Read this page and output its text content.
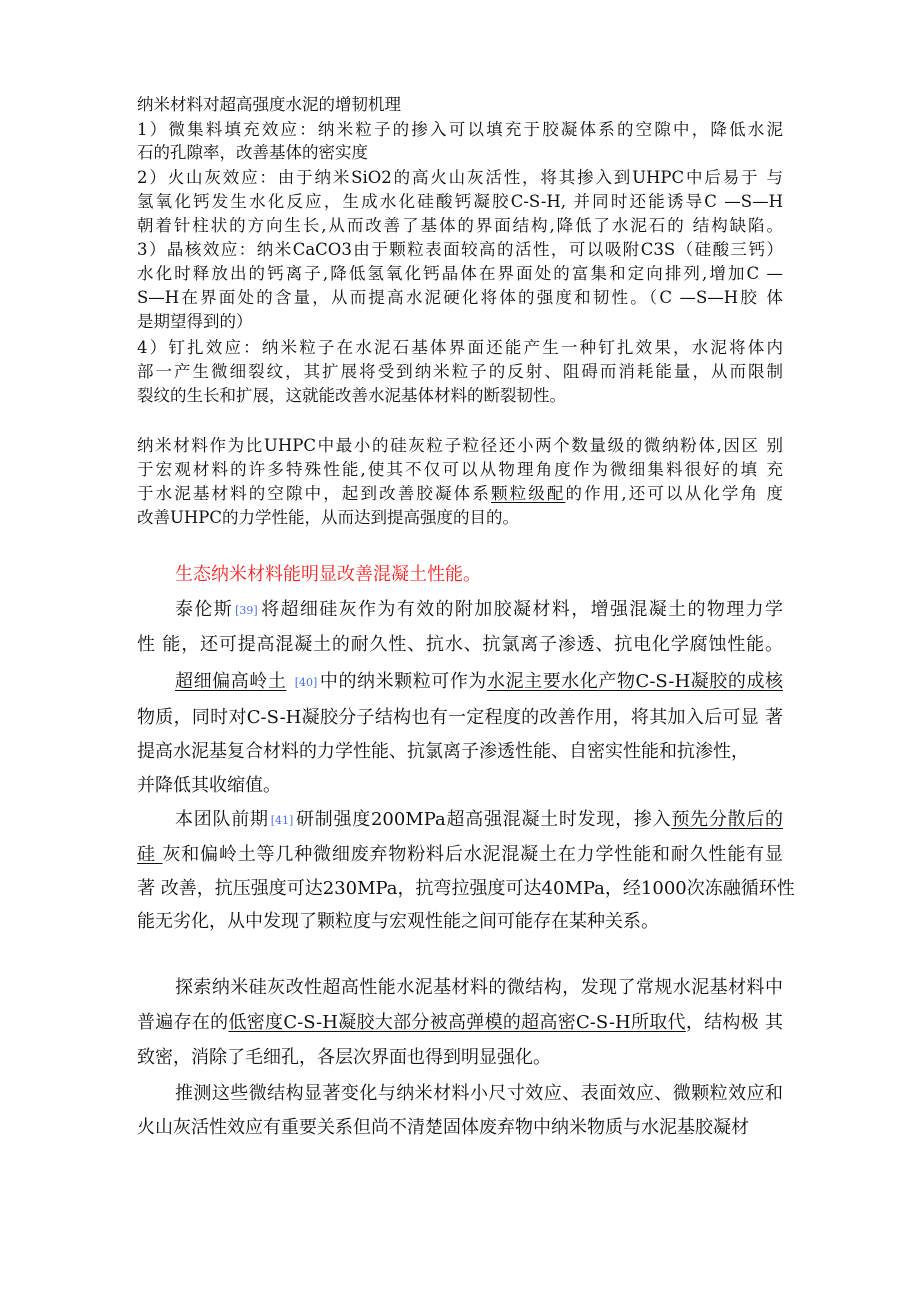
纳米材料对超高强度水泥的增韧机理
1）微集料填充效应：纳米粒子的掺入可以填充于胶凝体系的空隙中，降低水泥
石的孔隙率，改善基体的密实度
2）火山灰效应：由于纳米SiO2的高火山灰活性，将其掺入到UHPC中后易于 与
氢氧化钙发生水化反应，生成水化硅酸钙凝胶C-S-H, 并同时还能诱导C —S—H
朝着针柱状的方向生长,从而改善了基体的界面结构,降低了水泥石的 结构缺陷。
3）晶核效应：纳米CaCO3由于颗粒表面较高的活性，可以吸附C3S（硅酸三钙）
水化时释放出的钙离子,降低氢氧化钙晶体在界面处的富集和定向排列,增加C —
S—H在界面处的含量，从而提高水泥硬化将体的强度和韧性。（C —S—H胶 体
是期望得到的）
4）钉扎效应：纳米粒子在水泥石基体界面还能产生一种钉扎效果，水泥将体内
部一产生微细裂纹，其扩展将受到纳米粒子的反射、阻碍而消耗能量，从而限制
裂纹的生长和扩展，这就能改善水泥基体材料的断裂韧性。
纳米材料作为比UHPC中最小的硅灰粒子粒径还小两个数量级的微纳粉体,因区 别
于宏观材料的许多特殊性能,使其不仅可以从物理角度作为微细集料很好的填 充
于水泥基材料的空隙中，起到改善胶凝体系颗粒级配的作用,还可以从化学角 度
改善UHPC的力学性能，从而达到提高强度的目的。
生态纳米材料能明显改善混凝土性能。
泰伦斯 [39] 将超细硅灰作为有效的附加胶凝材料，增强混凝土的物理力学
性 能，还可提高混凝土的耐久性、抗水、抗氯离子渗透、抗电化学腐蚀性能。
超细偏高岭土 [40] 中的纳米颗粒可作为水泥主要水化产物C-S-H凝胶的成核
物质，同时对C-S-H凝胶分子结构也有一定程度的改善作用，将其加入后可显 著
提高水泥基复合材料的力学性能、抗氯离子渗透性能、自密实性能和抗渗性，
并降低其收缩值。
本团队前期 [41] 研制强度200MPa超高强混凝土时发现，掺入预先分散后的
硅 灰和偏岭土等几种微细废弃物粉料后水泥混凝土在力学性能和耐久性能有显
著 改善，抗压强度可达230MPa，抗弯拉强度可达40MPa，经1000次冻融循环性
能无劣化，从中发现了颗粒度与宏观性能之间可能存在某种关系。
探索纳米硅灰改性超高性能水泥基材料的微结构，发现了常规水泥基材料中
普遍存在的低密度C-S-H凝胶大部分被高弹模的超高密C-S-H所取代，结构极 其
致密，消除了毛细孔，各层次界面也得到明显强化。
推测这些微结构显著变化与纳米材料小尺寸效应、表面效应、微颗粒效应和
火山灰活性效应有重要关系但尚不清楚固体废弃物中纳米物质与水泥基胶凝材
